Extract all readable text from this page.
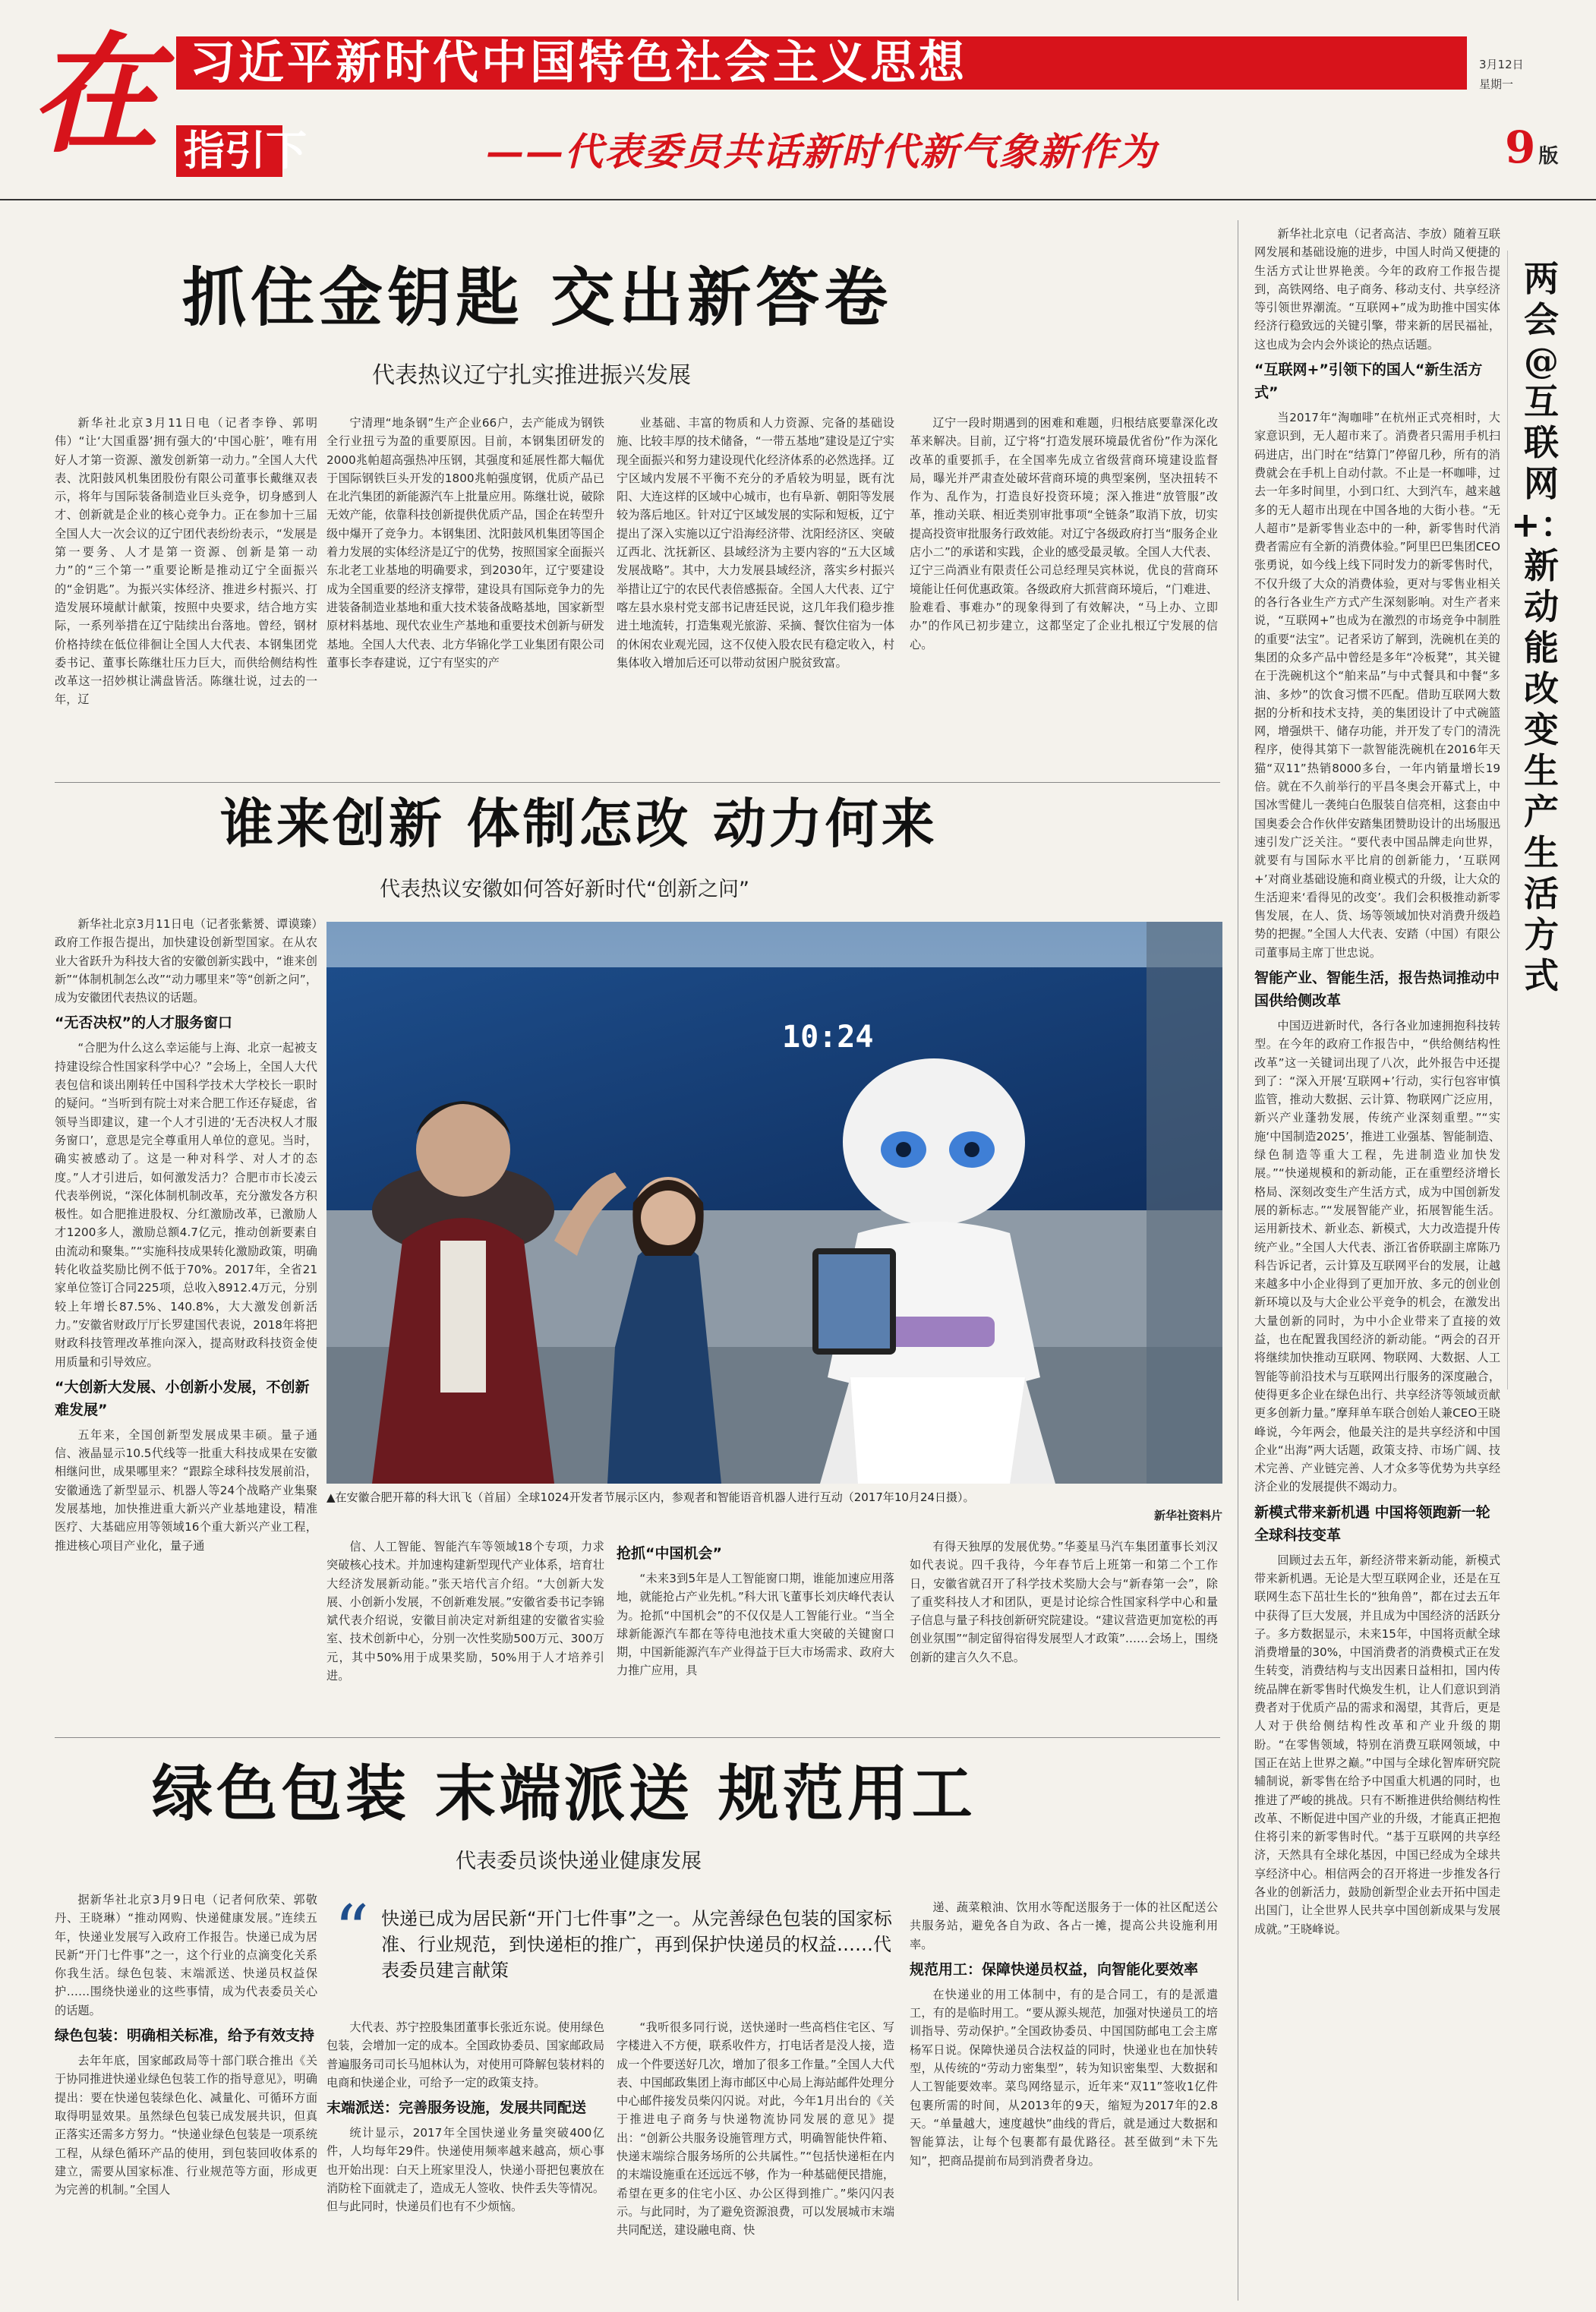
在 习近平新时代中国特色社会主义思想
指引下	——代表委员共话新时代新气象新作为
3月12日
星期一
9 版
抓住金钥匙 交出新答卷
代表热议辽宁扎实推进振兴发展

新华社北京3月11日电（记者李铮、郭明伟）“让‘大国重器’拥有强大的‘中国心脏’，唯有用好人才第一资源、激发创新第一动力。”全国人大代表、沈阳鼓风机集团股份有限公司董事长戴继双表示，将年与国际装备制造业巨头竞争，切身感到人才、创新就是企业的核心竞争力。正在参加十三届全国人大一次会议的辽宁团代表纷纷表示，“发展是第一要务、人才是第一资源、创新是第一动力”的“三个第一”重要论断是推动辽宁全面振兴的“金钥匙”。为振兴实体经济、推进乡村振兴、打造发展环境献计献策，按照中央要求，结合地方实际，一系列举措在辽宁陆续出台落地。曾经，钢材价格持续在低位徘徊让全国人大代表、本钢集团党委书记、董事长陈继壮压力巨大，而供给侧结构性改革这一招妙棋让满盘皆活。陈继壮说，过去的一年，辽

宁清理“地条钢”生产企业66户，去产能成为钢铁全行业扭亏为盈的重要原因。目前，本钢集团研发的2000兆帕超高强热冲压钢，其强度和延展性都大幅优于国际钢铁巨头开发的1800兆帕强度钢，优质产品已在北汽集团的新能源汽车上批量应用。陈继壮说，破除无效产能，依靠科技创新提供优质产品，国企在转型升级中爆开了竞争力。本钢集团、沈阳鼓风机集团等国企着力发展的实体经济是辽宁的优势，按照国家全面振兴东北老工业基地的明确要求，到2030年，辽宁要建设成为全国重要的经济支撑带，建设具有国际竞争力的先进装备制造业基地和重大技术装备战略基地，国家新型原材料基地、现代农业生产基地和重要技术创新与研发基地。全国人大代表、北方华锦化学工业集团有限公司董事长李春建说，辽宁有坚实的产

业基础、丰富的物质和人力资源、完备的基础设施、比较丰厚的技术储备，“一带五基地”建设是辽宁实现全面振兴和努力建设现代化经济体系的必然选择。辽宁区域内发展不平衡不充分的矛盾较为明显，既有沈阳、大连这样的区域中心城市，也有阜新、朝阳等发展较为落后地区。针对辽宁区域发展的实际和短板，辽宁提出了深入实施以辽宁沿海经济带、沈阳经济区、突破辽西北、沈抚新区、县域经济为主要内容的“五大区域发展战略”。其中，大力发展县域经济，落实乡村振兴举措让辽宁的农民代表倍感振奋。全国人大代表、辽宁喀左县水泉村党支部书记唐廷民说，这几年我们稳步推进土地流转，打造集观光旅游、采摘、餐饮住宿为一体的休闲农业观光园，这不仅使入股农民有稳定收入，村集体收入增加后还可以带动贫困户脱贫致富。

辽宁一段时期遇到的困难和难题，归根结底要靠深化改革来解决。目前，辽宁将“打造发展环境最优省份”作为深化改革的重要抓手，在全国率先成立省级营商环境建设监督局，曝光并严肃查处破坏营商环境的典型案例，坚决扭转不作为、乱作为，打造良好投资环境；深入推进“放管服”改革，推动关联、相近类别审批事项“全链条”取消下放，切实提高投资审批服务行政效能。对辽宁各级政府打当“服务企业店小二”的承诺和实践，企业的感受最灵敏。全国人大代表、辽宁三尚酒业有限责任公司总经理吴宾林说，优良的营商环境能让任何优惠政策。各级政府大抓营商环境后，“门难进、脸难看、事难办”的现象得到了有效解决，“马上办、立即办”的作风已初步建立，这都坚定了企业扎根辽宁发展的信心。

谁来创新 体制怎改 动力何来
代表热议安徽如何答好新时代“创新之问”

新华社北京3月11日电（记者张紫赟、谭谟臻）政府工作报告提出，加快建设创新型国家。在从农业大省跃升为科技大省的安徽创新实践中，“谁来创新”“体制机制怎么改”“动力哪里来”等“创新之问”，成为安徽团代表热议的话题。

“无否决权”的人才服务窗口

“合肥为什么这么幸运能与上海、北京一起被支持建设综合性国家科学中心？”会场上，全国人大代表包信和谈出刚转任中国科学技术大学校长一职时的疑问。“当听到有院士对来合肥工作还存疑虑，省领导当即建议，建一个人才引进的‘无否决权人才服务窗口’，意思是完全尊重用人单位的意见。当时，确实被感动了。这是一种对科学、对人才的态度。”人才引进后，如何激发活力？合肥市市长凌云代表举例说，“深化体制机制改革，充分激发各方积极性。如合肥推进股权、分红激励改革，已激励人才1200多人，激励总额4.7亿元，推动创新要素自由流动和聚集。”“实施科技成果转化激励政策，明确转化收益奖励比例不低于70%。2017年，全省21家单位签订合同225项，总收入8912.4万元，分别较上年增长87.5%、140.8%，大大激发创新活力。”安徽省财政厅厅长罗建国代表说，2018年将把财政科技管理改革推向深入，提高财政科技资金使用质量和引导效应。

“大创新大发展、小创新小发展，不创新难发展”

五年来，全国创新型发展成果丰硕。量子通信、液晶显示10.5代线等一批重大科技成果在安徽相继问世，成果哪里来？“跟踪全球科技发展前沿，安徽通选了新型显示、机器人等24个战略产业集聚发展基地，加快推进重大新兴产业基地建设，精准医疗、大基础应用等领域16个重大新兴产业工程，推进核心项目产业化，量子通

10:24
▲在安徽合肥开幕的科大讯飞（首届）全球1024开发者节展示区内，参观者和智能语音机器人进行互动（2017年10月24日摄）。
新华社资料片

信、人工智能、智能汽车等领域18个专项，力求突破核心技术。并加速构建新型现代产业体系，培育壮大经济发展新动能。”张天培代言介绍。“大创新大发展、小创新小发展，不创新难发展。”安徽省委书记李锦斌代表介绍说，安徽目前决定对新组建的安徽省实验室、技术创新中心，分别一次性奖励500万元、300万元，其中50%用于成果奖励，50%用于人才培养引进。

抢抓“中国机会”

“未来3到5年是人工智能窗口期，谁能加速应用落地，就能抢占产业先机。”科大讯飞董事长刘庆峰代表认为。抢抓“中国机会”的不仅仅是人工智能行业。“当全球新能源汽车都在等待电池技术重大突破的关键窗口期，中国新能源汽车产业得益于巨大市场需求、政府大力推广应用，具

有得天独厚的发展优势。”华菱星马汽车集团董事长刘汉如代表说。四千我待，今年春节后上班第一和第二个工作日，安徽省就召开了科学技术奖励大会与“新春第一会”，除了重奖科技人才和团队，更是讨论综合性国家科学中心和量子信息与量子科技创新研究院建设。“建议营造更加宽松的再创业氛围”“制定留得宿得发展型人才政策”……会场上，围绕创新的建言久久不息。

绿色包装 末端派送 规范用工
代表委员谈快递业健康发展

据新华社北京3月9日电（记者何欣荣、郭敬丹、王晓琳）“推动网购、快递健康发展。”连续五年，快递业发展写入政府工作报告。快递已成为居民新“开门七件事”之一，这个行业的点滴变化关系你我生活。绿色包装、末端派送、快递员权益保护……围绕快递业的这些事情，成为代表委员关心的话题。

绿色包装：明确相关标准，给予有效支持

去年年底，国家邮政局等十部门联合推出《关于协同推进快递业绿色包装工作的指导意见》，明确提出：要在快递包装绿色化、减量化、可循环方面取得明显效果。虽然绿色包装已成发展共识，但真正落实还需多方努力。“快递业绿色包装是一项系统工程，从绿色循环产品的使用，到包装回收体系的建立，需要从国家标准、行业规范等方面，形成更为完善的机制。”全国人

“ 快递已成为居民新“开门七件事”之一。从完善绿色包装的国家标准、行业规范，到快递柜的推广，再到保护快递员的权益……代表委员建言献策

大代表、苏宁控股集团董事长张近东说。使用绿色包装，会增加一定的成本。全国政协委员、国家邮政局普遍服务司司长马旭林认为，对使用可降解包装材料的电商和快递企业，可给予一定的政策支持。

末端派送：完善服务设施，发展共同配送

统计显示，2017年全国快递业务量突破400亿件，人均每年29件。快递使用频率越来越高，烦心事也开始出现：白天上班家里没人，快递小哥把包裹放在消防栓下面就走了，造成无人签收、快件丢失等情况。但与此同时，快递员们也有不少烦恼。

“我听很多同行说，送快递时一些高档住宅区、写字楼进入不方便，联系收件方，打电话者是没人接，造成一个件要送好几次，增加了很多工作量。”全国人大代表、中国邮政集团上海市邮区中心局上海站邮件处理分中心邮件接发员柴闪闪说。对此，今年1月出台的《关于推进电子商务与快递物流协同发展的意见》提出：“创新公共服务设施管理方式，明确智能快件箱、快递末端综合服务场所的公共属性。”“包括快递柜在内的末端设施重在还远远不够，作为一种基础便民措施，希望在更多的住宅小区、办公区得到推广。”柴闪闪表示。与此同时，为了避免资源浪费，可以发展城市末端共同配送，建设融电商、快

递、蔬菜粮油、饮用水等配送服务于一体的社区配送公共服务站，避免各自为政、各占一摊，提高公共设施利用率。

规范用工：保障快递员权益，向智能化要效率

在快递业的用工体制中，有的是合同工，有的是派遣工，有的是临时用工。“要从源头规范，加强对快递员工的培训指导、劳动保护。”全国政协委员、中国国防邮电工会主席杨军日说。保障快递员合法权益的同时，快递业也在加快转型，从传统的“劳动力密集型”，转为知识密集型、大数据和人工智能要效率。菜鸟网络显示，近年来“双11”签收1亿件包裹所需的时间，从2013年的9天，缩短为2017年的2.8天。“单量越大，速度越快”曲线的背后，就是通过大数据和智能算法，让每个包裹都有最优路径。甚至做到“未下先知”，把商品提前布局到消费者身边。

新华社北京电（记者高洁、李放）随着互联网发展和基础设施的进步，中国人时尚又便捷的生活方式让世界艳羡。今年的政府工作报告提到，高铁网络、电子商务、移动支付、共享经济等引领世界潮流。“互联网+”成为助推中国实体经济行稳致远的关键引擎，带来新的居民福祉，这也成为会内会外谈论的热点话题。

“互联网+”引领下的国人“新生活方式”

当2017年“淘咖啡”在杭州正式亮相时，大家意识到，无人超市来了。消费者只需用手机扫码进店，出门时在“结算门”停留几秒，所有的消费就会在手机上自动付款。不止是一杯咖啡，过去一年多时间里，小到口红、大到汽车，越来越多的无人超市出现在中国各地的大街小巷。“无人超市”是新零售业态中的一种，新零售时代消费者需应有全新的消费体验。”阿里巴巴集团CEO张勇说，如今线上线下同时发力的新零售时代，不仅升级了大众的消费体验，更对与零售业相关的各行各业生产方式产生深刻影响。对生产者来说，“互联网+”也成为在激烈的市场竞争中制胜的重要“法宝”。记者采访了解到，洗碗机在美的集团的众多产品中曾经是多年“冷板凳”，其关键在于洗碗机这个“舶来品”与中式餐具和中餐“多油、多炒”的饮食习惯不匹配。借助互联网大数据的分析和技术支持，美的集团设计了中式碗篮网，增强烘干、储存功能，并开发了专门的清洗程序，使得其第下一款智能洗碗机在2016年天猫“双11”热销8000多台，一年内销量增长19倍。就在不久前举行的平昌冬奥会开幕式上，中国冰雪健儿一袭纯白色服装自信亮相，这套由中国奥委会合作伙伴安踏集团赞助设计的出场服迅速引发广泛关注。“要代表中国品牌走向世界，就要有与国际水平比肩的创新能力，‘互联网+’对商业基础设施和商业模式的升级，让大众的生活迎来‘看得见的改变’。我们会积极推动新零售发展，在人、货、场等领域加快对消费升级趋势的把握。”全国人大代表、安踏（中国）有限公司董事局主席丁世忠说。

智能产业、智能生活，报告热词推动中国供给侧改革

中国迈进新时代，各行各业加速拥抱科技转型。在今年的政府工作报告中，“供给侧结构性改革”这一关键词出现了八次，此外报告中还提到了：“深入开展‘互联网+’行动，实行包容审慎监管，推动大数据、云计算、物联网广泛应用，新兴产业蓬勃发展，传统产业深刻重塑。”“实施‘中国制造2025’，推进工业强基、智能制造、绿色制造等重大工程，先进制造业加快发展。”“快递规模和的新动能，正在重塑经济增长格局、深刻改变生产生活方式，成为中国创新发展的新标志。”“发展智能产业，拓展智能生活。运用新技术、新业态、新模式，大力改造提升传统产业。”全国人大代表、浙江省侨联副主席陈乃科告诉记者，云计算及互联网平台的发展，让越来越多中小企业得到了更加开放、多元的创业创新环境以及与大企业公平竞争的机会，在激发出大量创新的同时，为中小企业带来了直接的效益，也在配置我国经济的新动能。“两会的召开将继续加快推动互联网、物联网、大数据、人工智能等前沿技术与互联网出行服务的深度融合，使得更多企业在绿色出行、共享经济等领域贡献更多创新力量。”摩拜单车联合创始人兼CEO王晓峰说，今年两会，他最关注的是共享经济和中国企业“出海”两大话题，政策支持、市场广阔、技术完善、产业链完善、人才众多等优势为共享经济企业的发展提供不竭动力。

新模式带来新机遇 中国将领跑新一轮全球科技变革

回顾过去五年，新经济带来新动能，新模式带来新机遇。无论是大型互联网企业，还是在互联网生态下茁壮生长的“独角兽”，都在过去五年中获得了巨大发展，并且成为中国经济的活跃分子。多方数据显示，未来15年，中国将贡献全球消费增量的30%，中国消费者的消费模式正在发生转变，消费结构与支出因素日益相扣，国内传统品牌在新零售时代焕发生机，让人们意识到消费者对于优质产品的需求和渴望，其背后，更是人对于供给侧结构性改革和产业升级的期盼。“在零售领域，特别在消费互联网领域，中国正在站上世界之巅。”中国与全球化智库研究院辅制说，新零售在给予中国重大机遇的同时，也推进了严峻的挑战。只有不断推进供给侧结构性改革、不断促进中国产业的升级，才能真正把抱住将引来的新零售时代。“基于互联网的共享经济，天然具有全球化基因，中国已经成为全球共享经济中心。相信两会的召开将进一步推发各行各业的创新活力，鼓励创新型企业去开拓中国走出国门，让全世界人民共享中国创新成果与发展成就。”王晓峰说。

两会@互联网+：新动能改变生产生活方式
